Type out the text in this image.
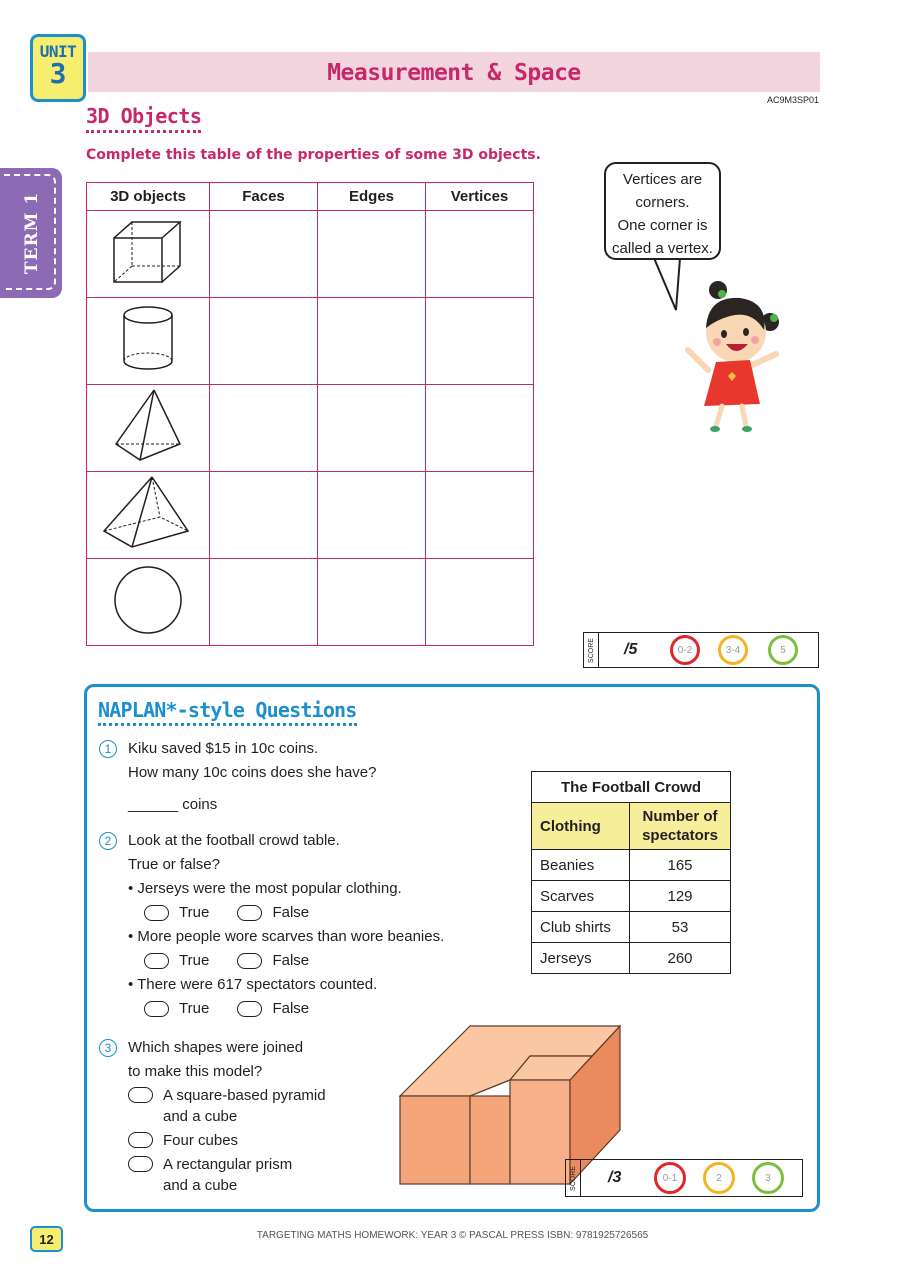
UNIT
3	Measurement & Space
AC9M3SP01
TERM 1
3D Objects
Complete this table of the properties of some 3D objects.
3D objects	Faces	Edges	Vertices

Vertices are
corners.
One corner is
called a vertex.
SCORE /5	0-2	3-4	5
NAPLAN*-style Questions
1	Kiku saved $15 in 10c coins.
How many 10c coins does she have?
______ coins
2	Look at the football crowd table.
True or false?
• Jerseys were the most popular clothing.
True	False
• More people wore scarves than wore beanies.
True	False
• There were 617 spectators counted.
True	False
The Football Crowd	
Clothing	Number of
spectators

Beanies	165
Scarves	129
Club shirts	53
Jerseys	260
3	Which shapes were joined
to make this model?
A square-based pyramid
and a cube
Four cubes
A rectangular prism
and a cube	SCORE /3	0-1	2	3
12	TARGETING MATHS HOMEWORK: YEAR 3 © PASCAL PRESS ISBN: 9781925726565
